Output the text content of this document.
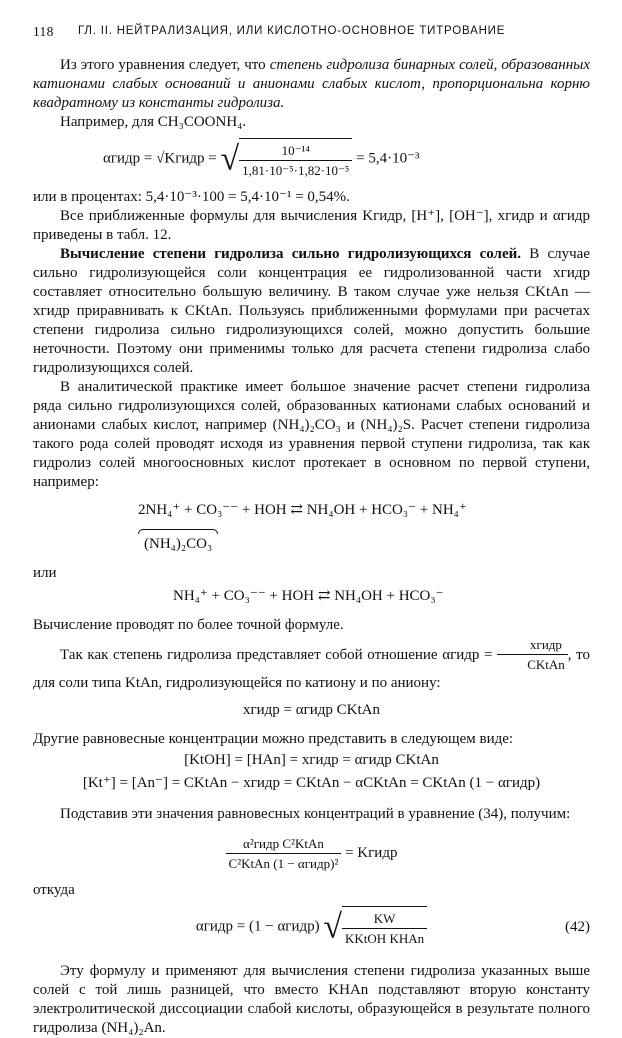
118 ГЛ. II. НЕЙТРАЛИЗАЦИЯ, ИЛИ КИСЛОТНО-ОСНОВНОЕ ТИТРОВАНИЕ

Из этого уравнения следует, что степень гидролиза бинарных солей, образованных катионами слабых оснований и анионами слабых кислот, пропорциональна корню квадратному из константы гидролиза.

Например, для CH₃COONH₄.

αгидр = √Kгидр = √ $\frac{\text{10⁻¹⁴}}{\text{1,81·10⁻⁵·1,82·10⁻⁵}} = 5,4\cdot 10^{-3}$

или в процентах: 5,4·10⁻³·100 = 5,4·10⁻¹ = 0,54%.

Все приближенные формулы для вычисления Kгидр, [H⁺], [OH⁻], xгидр и αгидр приведены в табл. 12.

Вычисление степени гидролиза сильно гидролизующихся солей. В случае сильно гидролизующейся соли концентрация ее гидролизованной части xгидр составляет относительно большую величину. В таком случае уже нельзя CKtAn — xгидр приравнивать к CKtAn. Пользуясь приближенными формулами при расчетах степени гидролиза сильно гидролизующихся солей, можно допустить большие неточности. Поэтому они применимы только для расчета степени гидролиза слабо гидролизующихся солей.

В аналитической практике имеет большое значение расчет степени гидролиза ряда сильно гидролизующихся солей, образованных катионами слабых оснований и анионами слабых кислот, например (NH₄)₂CO₃ и (NH₄)₂S. Расчет степени гидролиза такого рода солей проводят исходя из уравнения первой ступени гидролиза, так как гидролиз солей многоосновных кислот протекает в основном по первой ступени, например:

2NH₄⁺ + CO₃⁻⁻ + HOH ⇄ NH₄OH + HCO₃⁻ + NH₄⁺

(NH₄)₂CO₃

или

NH₄⁺ + CO₃⁻⁻ + HOH ⇄ NH₄OH + HCO₃⁻

Вычисление проводят по более точной формуле.

Так как степень гидролиза представляет собой отношение αгидр = $\frac{\text{xгидр}}{\text{CKtAn}}$ , то для соли типа KtAn, гидролизующейся по катиону и по аниону:

xгидр = αгидр CKtAn

Другие равновесные концентрации можно представить в следующем виде:

[KtOH] = [HAn] = xгидр = αгидр CKtAn
[Kt⁺] = [An⁻] = CKtAn − xгидр = CKtAn − αCKtAn = CKtAn (1 − αгидр)

Подставив эти значения равновесных концентраций в уравнение (34), получим:

$\frac{\text{α²гидр C²KtAn}}{\text{C²KtAn (1 − αгидр)²}}$ = Kгидр

откуда

αгидр = (1 − αгидр) √ $\frac{KW}{\text{KKtOH KHAn}}$	(42)

Эту формулу и применяют для вычисления степени гидролиза указанных выше солей с той лишь разницей, что вместо KHAn подставляют вторую константу электролитической диссоциации слабой кислоты, образующейся в результате полного гидролиза (NH₄)₂An.
